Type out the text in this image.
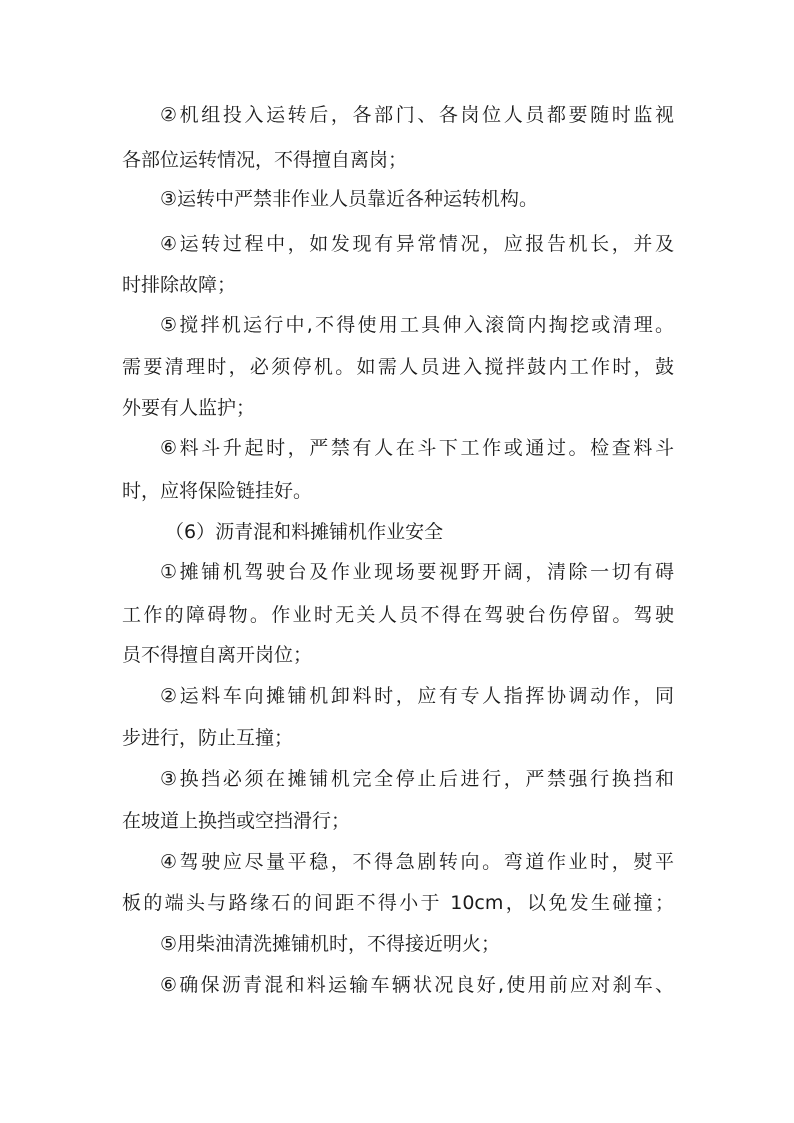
②机组投入运转后，各部门、各岗位人员都要随时监视
各部位运转情况，不得擅自离岗；
③运转中严禁非作业人员靠近各种运转机构。
④运转过程中，如发现有异常情况，应报告机长，并及
时排除故障；
⑤搅拌机运行中,不得使用工具伸入滚筒内掏挖或清理。
需要清理时，必须停机。如需人员进入搅拌鼓内工作时，鼓
外要有人监护；
⑥料斗升起时，严禁有人在斗下工作或通过。检查料斗
时，应将保险链挂好。
（6）沥青混和料摊铺机作业安全
①摊铺机驾驶台及作业现场要视野开阔，清除一切有碍
工作的障碍物。作业时无关人员不得在驾驶台伤停留。驾驶
员不得擅自离开岗位；
②运料车向摊铺机卸料时，应有专人指挥协调动作，同
步进行，防止互撞；
③换挡必须在摊铺机完全停止后进行，严禁强行换挡和
在坡道上换挡或空挡滑行；
④驾驶应尽量平稳，不得急剧转向。弯道作业时，熨平
板的端头与路缘石的间距不得小于 10cm，以免发生碰撞；
⑤用柴油清洗摊铺机时，不得接近明火；
⑥确保沥青混和料运输车辆状况良好,使用前应对刹车、
